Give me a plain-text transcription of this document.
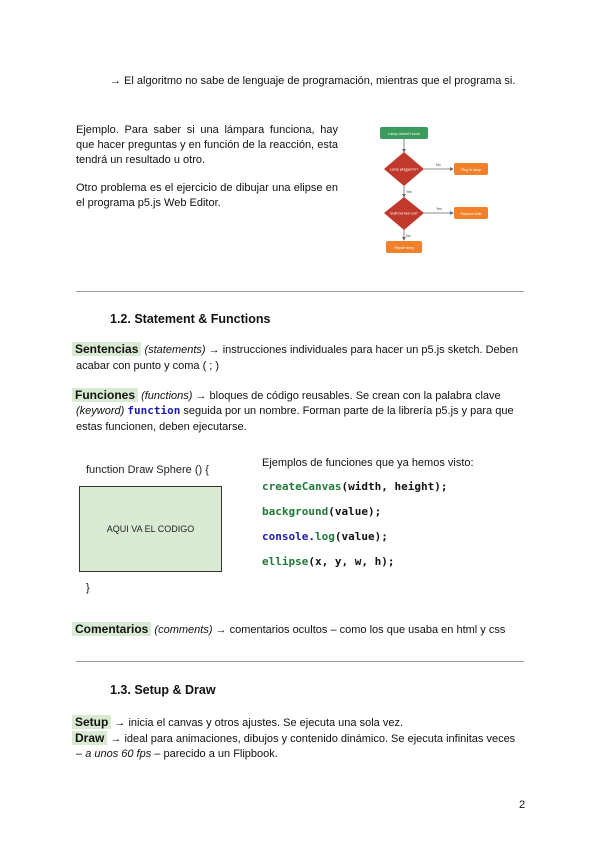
→ El algoritmo no sabe de lenguaje de programación, mientras que el programa si.
Ejemplo. Para saber si una lámpara funciona, hay que hacer preguntas y en función de la reacción, esta tendrá un resultado u otro.
Otro problema es el ejercicio de dibujar una elipse en el programa p5.js Web Editor.
Lamp doesn't work
Lamp plugged in?
No
Yes
Plug in lamp
Bulb burned out?
Yes
No
Replace bulb
Repair lamp
1.2. Statement & Functions
Sentencias (statements) → instrucciones individuales para hacer un p5.js sketch. Deben
acabar con punto y coma ( ; )
Funciones (functions) → bloques de código reusables. Se crean con la palabra clave
(keyword) function seguida por un nombre. Forman parte de la librería p5.js y para que
estas funcionen, deben ejecutarse.
function Draw Sphere () {
AQUI VA EL CODIGO
}
Ejemplos de funciones que ya hemos visto:
createCanvas(width, height);
background(value);
console.log(value);
ellipse(x, y, w, h);
Comentarios (comments) → comentarios ocultos – como los que usaba en html y css
1.3. Setup & Draw
Setup → inicia el canvas y otros ajustes. Se ejecuta una sola vez.
Draw → ideal para animaciones, dibujos y contenido dinámico. Se ejecuta infinitas veces
– a unos 60 fps – parecido a un Flipbook.
2
